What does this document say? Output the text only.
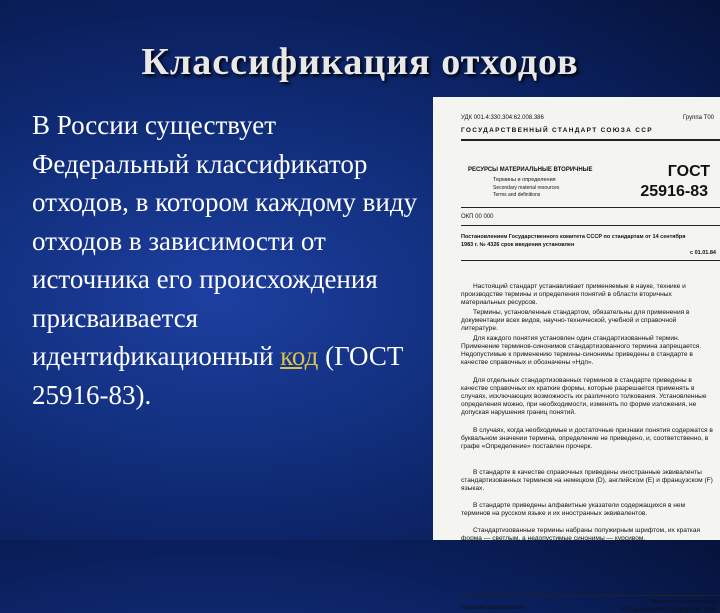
Классификация отходов
В России существует Федеральный классификатор отходов, в котором каждому виду отходов в зависимости от источника его происхождения присваивается идентификационный код (ГОСТ 25916-83).
УДК 001.4:330.304:62.008.386	Группа Т00
ГОСУДАРСТВЕННЫЙ СТАНДАРТ СОЮЗА ССР
РЕСУРСЫ МАТЕРИАЛЬНЫЕ ВТОРИЧНЫЕ
Термины и определения
Secondary material resources
Terms and definitions
ГОСТ
25916-83
ОКП 00 000
Постановлением Государственного комитета СССР по стандартам от 14 сентября
1983 г. № 4326 срок введения установлен
с 01.01.84
Настоящий стандарт устанавливает применяемые в науке, технике и производстве термины и определения понятий в области вторичных материальных ресурсов.
Термины, установленные стандартом, обязательны для применения в документации всех видов, научно-технической, учебной и справочной литературе.
Для каждого понятия установлен один стандартизованный термин. Применение терминов-синонимов стандартизованного термина запрещается. Недопустимые к применению термины-синонимы приведены в стандарте в качестве справочных и обозначены «Ндп».
Для отдельных стандартизованных терминов в стандарте приведены в качестве справочных их краткие формы, которые разрешается применять в случаях, исключающих возможность их различного толкования. Установленные определения можно, при необходимости, изменять по форме изложения, не допуская нарушения границ понятий.
В случаях, когда необходимые и достаточные признаки понятия содержатся в буквальном значении термина, определение не приведено, и, соответственно, в графе «Определение» поставлен прочерк.
В стандарте в качестве справочных приведены иностранные эквиваленты стандартизованных терминов на немецком (D), английском (E) и французском (F) языках.
В стандарте приведены алфавитные указатели содержащихся в нем терминов на русском языке и их иностранных эквивалентов.
Стандартизованные термины набраны полужирным шрифтом, их краткая форма — светлым, а недопустимые синонимы — курсивом.
Издание официальное
Перепечатка воспрещена
© Издательство стандартов, 1984
